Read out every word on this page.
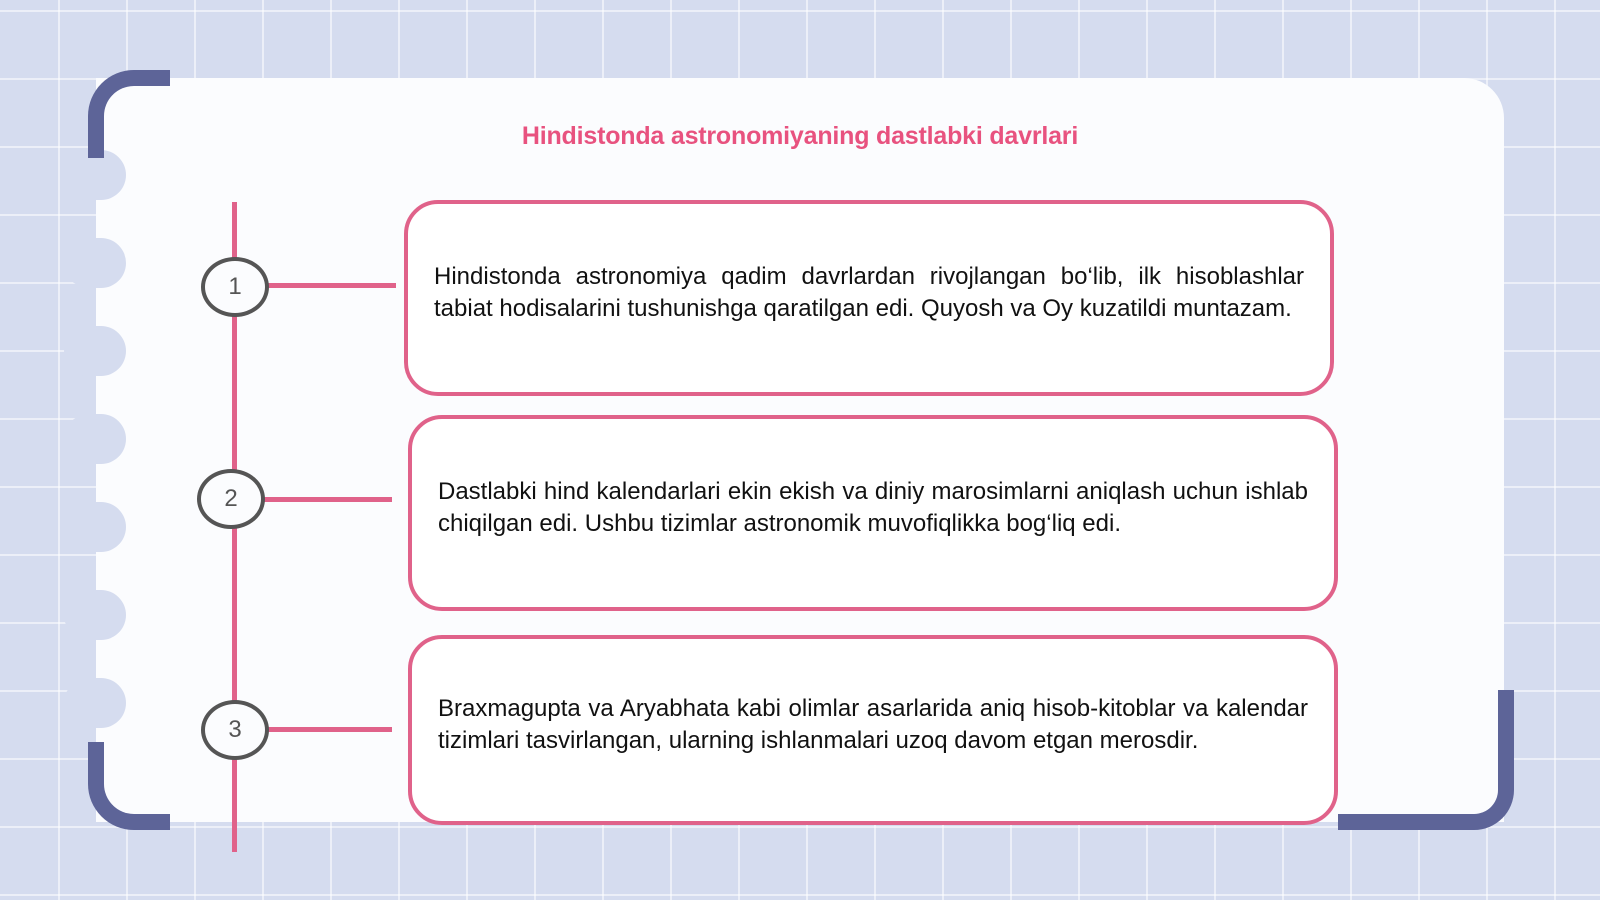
Hindistonda astronomiyaning dastlabki davrlari
1	Hindistonda astronomiya qadim davrlardan rivojlangan bo‘lib, ilk hisoblashlar tabiat hodisalarini tushunishga qaratilgan edi. Quyosh va Oy kuzatildi muntazam.

2	Dastlabki hind kalendarlari ekin ekish va diniy marosimlarni aniqlash uchun ishlab chiqilgan edi. Ushbu tizimlar astronomik muvofiqlikka bog‘liq edi.

3

Braxmagupta va Aryabhata kabi olimlar asarlarida aniq hisob-kitoblar va kalendar tizimlari tasvirlangan, ularning ishlanmalari uzoq davom etgan merosdir.
